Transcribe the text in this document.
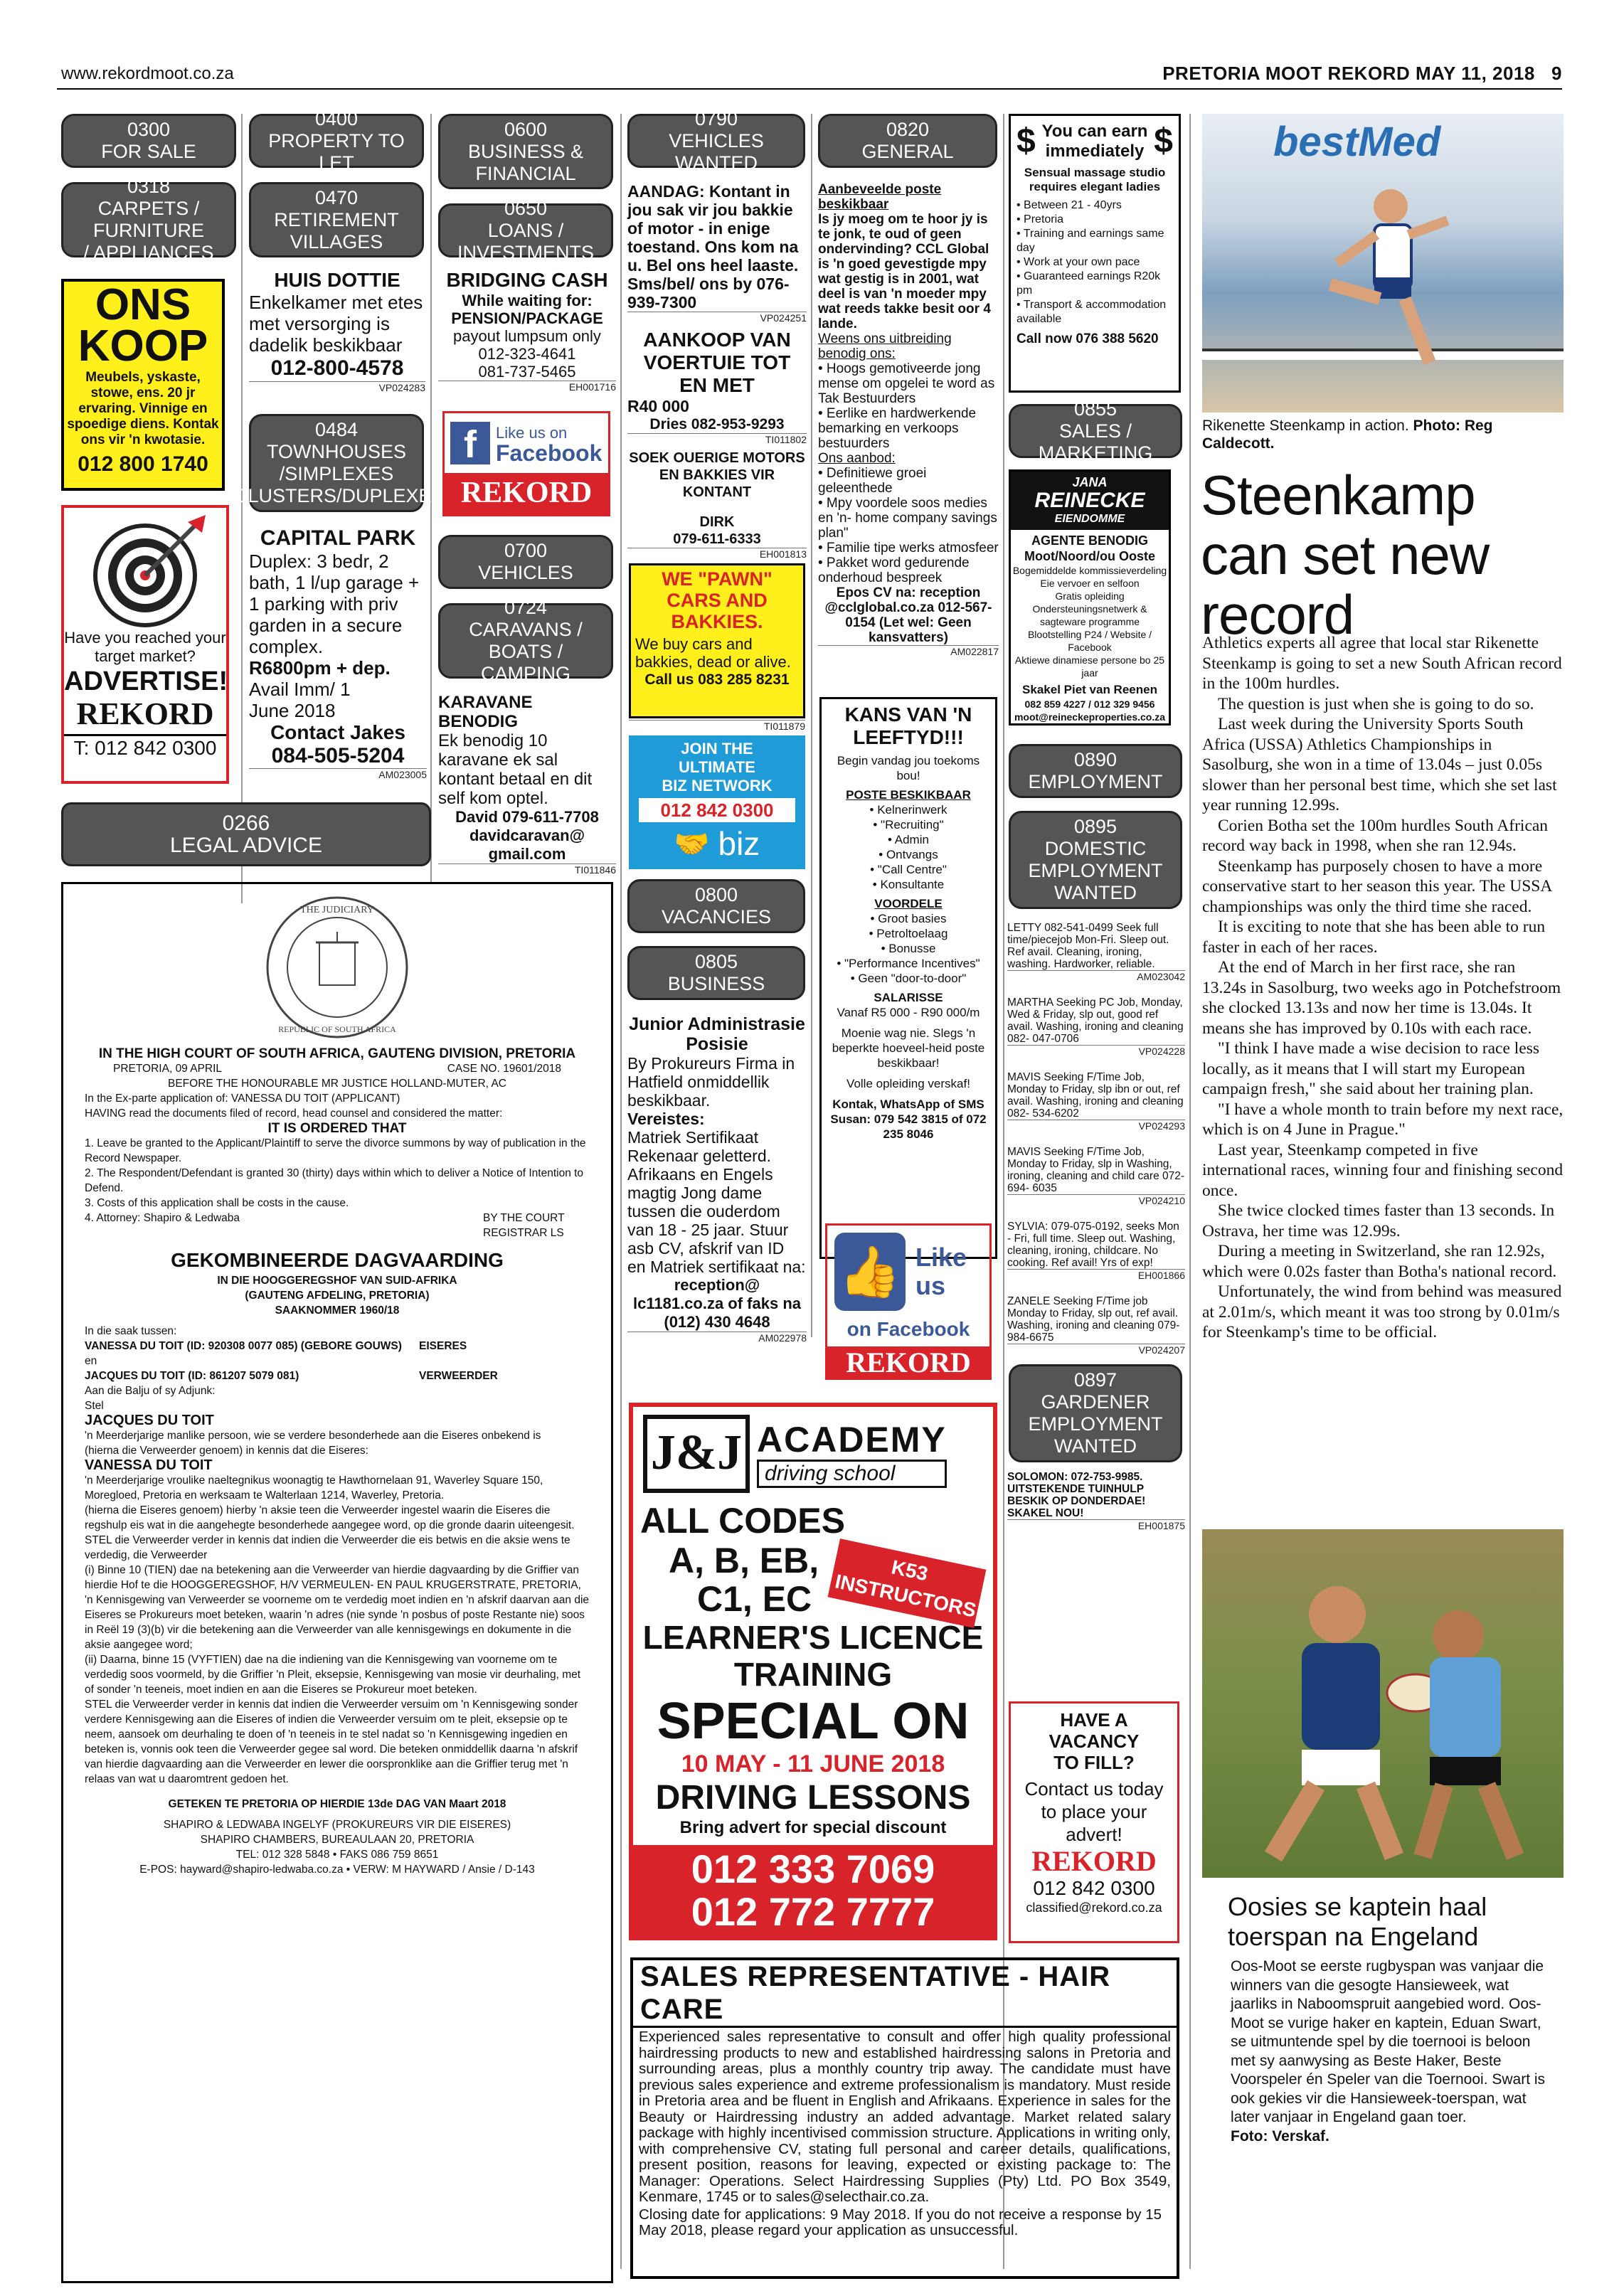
www.rekordmoot.co.za	PRETORIA MOOT REKORD MAY 11, 2018 9
0300
FOR SALE
0318
CARPETS / FURNITURE
/ APPLIANCES
ONS
KOOP
Meubels, yskaste, stowe, ens. 20 jr ervaring. Vinnige en spoedige diens. Kontak ons vir 'n kwotasie.
012 800 1740
Have you reached your target market?
ADVERTISE!
REKORD
T: 012 842 0300
0400
PROPERTY TO LET
0470
RETIREMENT
VILLAGES
HUIS DOTTIE
Enkelkamer met etes met versorging is dadelik beskikbaar
012-800-4578
VP024283
0484
TOWNHOUSES
/SIMPLEXES
/CLUSTERS/DUPLEXES
CAPITAL PARK
Duplex: 3 bedr, 2 bath, 1 l/up garage + 1 parking with priv garden in a secure complex.
R6800pm + dep.
Avail Imm/ 1 June 2018
Contact Jakes
084-505-5204
AM023005
0266
LEGAL ADVICE
THE JUDICIARY
REPUBLIC OF SOUTH AFRICA
IN THE HIGH COURT OF SOUTH AFRICA, GAUTENG DIVISION, PRETORIA
PRETORIA, 09 APRIL	CASE NO. 19601/2018
BEFORE THE HONOURABLE MR JUSTICE HOLLAND-MUTER, AC
In the Ex-parte application of: VANESSA DU TOIT (APPLICANT)
HAVING read the documents filed of record, head counsel and considered the matter:
IT IS ORDERED THAT
1. Leave be granted to the Applicant/Plaintiff to serve the divorce summons by way of publication in the Record Newspaper.
2. The Respondent/Defendant is granted 30 (thirty) days within which to deliver a Notice of Intention to Defend.
3. Costs of this application shall be costs in the cause.
4. Attorney: Shapiro & Ledwaba	BY THE COURT REGISTRAR LS
GEKOMBINEERDE DAGVAARDING
IN DIE HOOGGEREGSHOF VAN SUID-AFRIKA
(GAUTENG AFDELING, PRETORIA)
SAAKNOMMER 1960/18
In die saak tussen:
VANESSA DU TOIT (ID: 920308 0077 085) (GEBORE GOUWS)	EISERES
en
JACQUES DU TOIT (ID: 861207 5079 081)	VERWEERDER
Aan die Balju of sy Adjunk:
Stel
JACQUES DU TOIT
'n Meerderjarige manlike persoon, wie se verdere besonderhede aan die Eiseres onbekend is
(hierna die Verweerder genoem) in kennis dat die Eiseres:
VANESSA DU TOIT
'n Meerderjarige vroulike naeltegnikus woonagtig te Hawthornelaan 91, Waverley Square 150, Moregloed, Pretoria en werksaam te Walterlaan 1214, Waverley, Pretoria.
(hierna die Eiseres genoem) hierby 'n aksie teen die Verweerder ingestel waarin die Eiseres die regshulp eis wat in die aangeheg​te besonderhede aangegee word, op die gronde daarin uiteengesit.
STEL die Verweerder verder in kennis dat indien die Verweerder die eis betwis en die aksie wens te verdedig, die Verweerder
(i) Binne 10 (TIEN) dae na betekening aan die Verweerder van hierdie dagvaarding by die Griffier van hierdie Hof te die HOOGGEREGSHOF, H/V VERMEULEN- EN PAUL KRUGERSTRATE, PRETORIA, 'n Kennisgewing van Verweerder se voorneme om te verdedig moet indien en 'n afskrif daarvan aan die Eiseres se Prokureurs moet beteken, waarin 'n adres (nie synde 'n posbus of poste Restante nie) soos in Reël 19 (3)(b) vir die betekening aan die Verweerder van alle kennisgewings en dokumente in die aksie aangegee word;
(ii) Daarna, binne 15 (VYFTIEN) dae na die indiening van die Kennisgewing van voorneme om te verdedig soos voormeld, by die Griffier 'n Pleit, eksepsie, Kennisgewing van mosie vir deurhaling, met of sonder 'n teeneis, moet indien en aan die Eiseres se Prokureur moet beteken.
STEL die Verweerder verder in kennis dat indien die Verweerder versuim om 'n Kennisgewing sonder verdere Kennisgewing aan die Eiseres of indien die Verweerder versuim om te pleit, eksepsie op te neem, aansoek om deurhaling te doen of 'n teeneis in te stel nadat so 'n Kennisgewing ingedien en beteken is, vonnis ook teen die Verweerder gegee sal word. Die beteken onmiddellik daarna 'n afskrif van hierdie dagvaarding aan die Verweerder en lewer die oorspronklike aan die Griffier terug met 'n relaas van wat u daaromtrent gedoen het.
GETEKEN TE PRETORIA OP HIERDIE 13de DAG VAN Maart 2018
SHAPIRO & LEDWABA INGELYF (PROKUREURS VIR DIE EISERES)
SHAPIRO CHAMBERS, BUREAULAAN 20, PRETORIA
TEL: 012 328 5848 • FAKS 086 759 8651
E-POS: hayward@shapiro-ledwaba.co.za • VERW: M HAYWARD / Ansie / D-143
0600
BUSINESS &
FINANCIAL
0650
LOANS / INVESTMENTS
BRIDGING CASH
While waiting for:
PENSION/PACKAGE
payout lumpsum only
012-323-4641
081-737-5465
EH001716
f	Like us on
Facebook
REKORD
0700
VEHICLES
0724
CARAVANS / BOATS /
CAMPING
KARAVANE BENODIG
Ek benodig 10 karavane ek sal kontant betaal en dit self kom optel.
David 079-611-7708 davidcaravan@ gmail.com
TI011846
0790
VEHICLES WANTED
AANDAG: Kontant in jou sak vir jou bakkie of motor - in enige toestand. Ons kom na u. Bel ons heel laaste. Sms/bel/ ons by 076-939-7300
VP024251
AANKOOP VAN VOERTUIE TOT EN MET
R40 000
Dries 082-953-9293
TI011802
SOEK OUERIGE MOTORS EN BAKKIES VIR KONTANT
DIRK
079-611-6333
EH001813
WE "PAWN" CARS AND BAKKIES.
We buy cars and bakkies, dead or alive.
Call us 083 285 8231
TI011879
JOIN THE
ULTIMATE
BIZ NETWORK
012 842 0300
🤝 biz
0800
VACANCIES
0805
BUSINESS
Junior Administrasie Posisie
By Prokureurs Firma in Hatfield onmiddellik beskikbaar.
Vereistes:
Matriek Sertifikaat Rekenaar geletterd. Afrikaans en Engels magtig Jong dame tussen die ouderdom van 18 - 25 jaar. Stuur asb CV, afskrif van ID en Matriek sertifikaat na:
reception@ lc1181.co.za of faks na (012) 430 4648
AM022978
J&J ACADEMY
driving school
ALL CODES
A, B, EB,
C1, EC
K53 INSTRUCTORS
LEARNER'S LICENCE
TRAINING
SPECIAL ON
10 MAY - 11 JUNE 2018
DRIVING LESSONS
Bring advert for special discount
012 333 7069
012 772 7777
SALES REPRESENTATIVE - HAIR CARE
Experienced sales representative to consult and offer high quality professional hairdressing products to new and established hairdressing salons in Pretoria and surrounding areas, plus a monthly country trip away. The candidate must have previous sales experience and extreme professionalism is mandatory. Must reside in Pretoria area and be fluent in English and Afrikaans. Experience in sales for the Beauty or Hairdressing industry an added advantage. Market related salary package with highly incentivised commission structure. Applications in writing only, with comprehensive CV, stating full personal and career details, qualifications, present position, reasons for leaving, expected or existing package to: The Manager: Operations. Select Hairdressing Supplies (Pty) Ltd. PO Box 3549, Kenmare, 1745 or to sales@selecthair.co.za.
Closing date for applications: 9 May 2018. If you do not receive a response by 15 May 2018, please regard your application as unsuccessful.
0820
GENERAL
Aanbeveelde poste beskikbaar
Is jy moeg om te hoor jy is te jonk, te oud of geen ondervinding? CCL Global is 'n goed gevestigde mpy wat gestig is in 2001, wat deel is van 'n moeder mpy wat reeds takke besit oor 4 lande.
Weens ons uitbreiding benodig ons:
• Hoogs gemotiveerde jong mense om opgelei te word as Tak Bestuurders
• Eerlike en hardwerkende bemarking en verkoops bestuurders
Ons aanbod:
• Definitiewe groei geleenthede
• Mpy voordele soos medies en 'n- home company savings plan"
• Familie tipe werks atmosfeer
• Pakket word gedurende onderhoud bespreek
Epos CV na: reception @cclglobal.co.za 012-567-0154 (Let wel: Geen kansvatters)
AM022817
KANS VAN 'N LEEFTYD!!!
Begin vandag jou toekoms bou!
POSTE BESKIKBAAR
• Kelnerinwerk
• "Recruiting"
• Admin
• Ontvangs
• "Call Centre"
• Konsultante
VOORDELE
• Groot basies
• Petroltoelaag
• Bonusse
• "Performance Incentives"
• Geen "door-to-door"
SALARISSE
Vanaf R5 000 - R90 000/m
Moenie wag nie. Slegs 'n beperkte hoeveel-heid poste beskikbaar!
Volle opleiding verskaf!
Kontak, WhatsApp of SMS Susan: 079 542 3815 of 072 235 8046
👍 Like
us
on Facebook
REKORD
$ You can earn immediately $
Sensual massage studio requires elegant ladies
• Between 21 - 40yrs
• Pretoria
• Training and earnings same day
• Work at your own pace
• Guaranteed earnings R20k pm
• Transport & accommodation available
Call now 076 388 5620
0855
SALES / MARKETING
JANA
REINECKE
EIENDOMME
AGENTE BENODIG
Moot/Noord/ou Ooste
Bogemiddelde kommissieverdeling
Eie vervoer en selfoon
Gratis opleiding
Ondersteuningsnetwerk & sagteware programme
Blootstelling P24 / Website / Facebook
Aktiewe dinamiese persone bo 25 jaar
Skakel Piet van Reenen
082 859 4227 / 012 329 9456
moot@reineckeproperties.co.za
0890
EMPLOYMENT
0895
DOMESTIC
EMPLOYMENT
WANTED
LETTY 082-541-0499 Seek full time/piecejob Mon-Fri. Sleep out. Ref avail. Cleaning, ironing, washing. Hardworker, reliable.
AM023042
MARTHA Seeking PC Job, Monday, Wed & Friday, slp out, good ref avail. Washing, ironing and cleaning 082- 047-0706
VP024228
MAVIS Seeking F/Time Job, Monday to Friday, slp ibn or out, ref avail. Washing, ironing and cleaning 082- 534-6202
VP024293
MAVIS Seeking F/Time Job, Monday to Friday, slp in Washing, ironing, cleaning and child care 072-694- 6035
VP024210
SYLVIA: 079-075-0192, seeks Mon - Fri, full time. Sleep out. Washing, cleaning, ironing, childcare. No cooking. Ref avail! Yrs of exp!
EH001866
ZANELE Seeking F/Time job Monday to Friday, slp out, ref avail. Washing, ironing and cleaning 079-984-6675
VP024207
0897
GARDENER
EMPLOYMENT
WANTED
SOLOMON: 072-753-9985. UITSTEKENDE TUINHULP BESKIK OP DONDERDAE! SKAKEL NOU!
EH001875
HAVE A VACANCY
TO FILL?
Contact us today to place your advert!
REKORD
012 842 0300
classified@rekord.co.za
bestMed
Rikenette Steenkamp in action. Photo: Reg Caldecott.
Steenkamp can set new record

Athletics experts all agree that local star Rikenette Steenkamp is going to set a new South African record in the 100m hurdles.

The question is just when she is going to do so.

Last week during the University Sports South Africa (USSA) Athletics Championships in Sasolburg, she won in a time of 13.04s – just 0.05s slower than her personal best time, which she set last year running 12.99s.

Corien Botha set the 100m hurdles South African record way back in 1998, when she ran 12.94s.

Steenkamp has purposely chosen to have a more conservative start to her season this year. The USSA championships was only the third time she raced.

It is exciting to note that she has been able to run faster in each of her races.

At the end of March in her first race, she ran 13.24s in Sasolburg, two weeks ago in Potchefstroom she clocked 13.13s and now her time is 13.04s. It means she has improved by 0.10s with each race.

"I think I have made a wise decision to race less locally, as it means that I will start my European campaign fresh," she said about her training plan.

"I have a whole month to train before my next race, which is on 4 June in Prague."

Last year, Steenkamp competed in five international races, winning four and finishing second once.

She twice clocked times faster than 13 seconds. In Ostrava, her time was 12.99s.

During a meeting in Switzerland, she ran 12.92s, which were 0.02s faster than Botha's national record.

Unfortunately, the wind from behind was measured at 2.01m/s, which meant it was too strong by 0.01m/s for Steenkamp's time to be official.

Oosies se kaptein haal toerspan na Engeland
Oos-Moot se eerste rugbyspan was vanjaar die winners van die gesogte Hansieweek, wat jaarliks in Naboomspruit aangebied word. Oos-Moot se vurige haker en kaptein, Eduan Swart, se uitmuntende spel by die toernooi is beloon met sy aanwysing as Beste Haker, Beste Voorspeler én Speler van die Toernooi. Swart is ook gekies vir die Hansieweek-toerspan, wat later vanjaar in Engeland gaan toer.
Foto: Verskaf.
